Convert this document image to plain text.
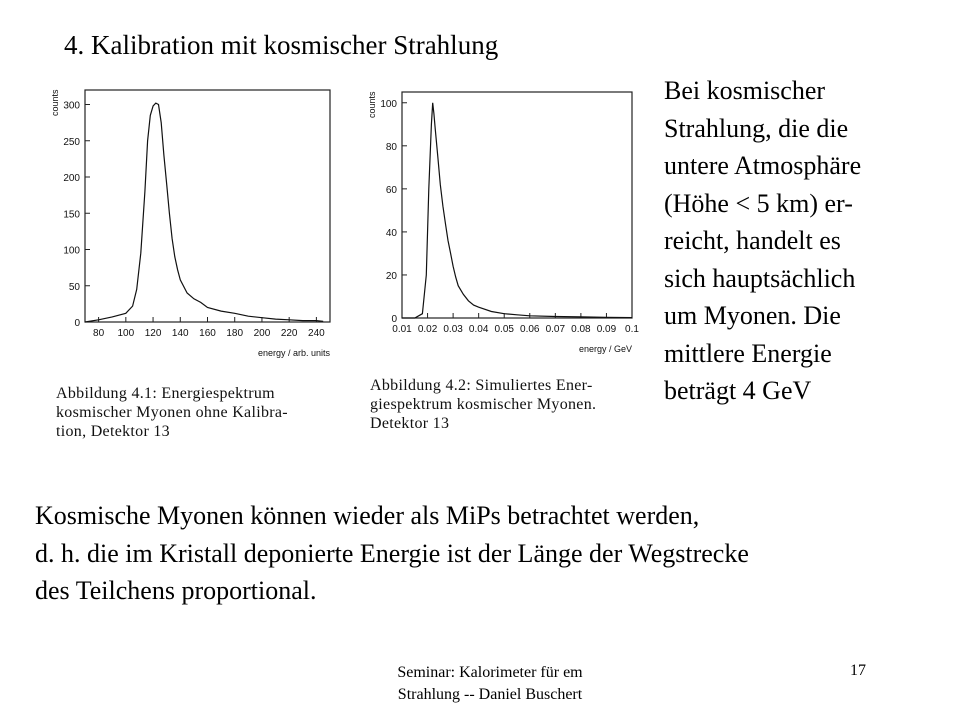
4. Kalibration mit kosmischer Strahlung
Bei kosmischer
Strahlung, die die
untere Atmosphäre
(Höhe < 5 km) er-
reicht, handelt es
sich hauptsächlich
um Myonen. Die
mittlere Energie
beträgt 4 GeV
0
50
100
150
200
250
300
80 100 120 140 160 180 200 220 240
counts
energy / arb. units
0
20
40
60
80
100
0.01 0.02 0.03 0.04 0.05 0.06 0.07 0.08 0.09 0.1
counts
energy / GeV
Abbildung 4.1: Energiespektrum
kosmischer Myonen ohne Kalibra-
tion, Detektor 13
Abbildung 4.2: Simuliertes Ener-
giespektrum kosmischer Myonen.
Detektor 13
Kosmische Myonen können wieder als MiPs betrachtet werden,
d. h. die im Kristall deponierte Energie ist der Länge der Wegstrecke
des Teilchens proportional.
Seminar: Kalorimeter für em
Strahlung -- Daniel Buschert
17
